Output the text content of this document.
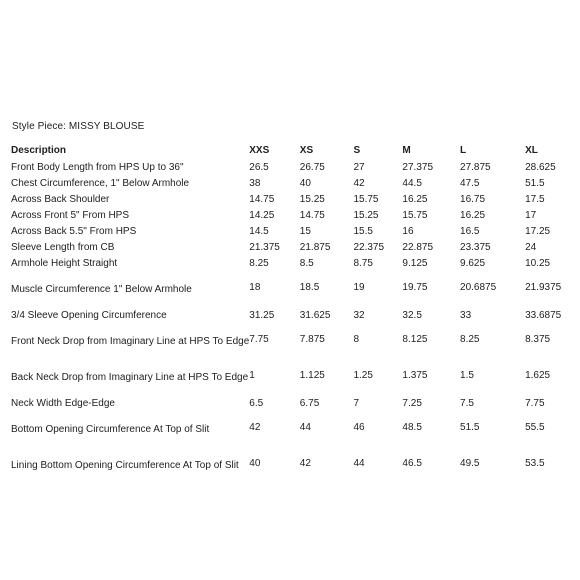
Style Piece: MISSY BLOUSE
Description	XXS	XS	S	M	L	XL
Front Body Length from HPS Up to 36"	26.5	26.75	27	27.375	27.875	28.625
Chest Circumference, 1" Below Armhole	38	40	42	44.5	47.5	51.5
Across Back Shoulder	14.75	15.25	15.75	16.25	16.75	17.5
Across Front 5" From HPS	14.25	14.75	15.25	15.75	16.25	17
Across Back 5.5" From HPS	14.5	15	15.5	16	16.5	17.25
Sleeve Length from CB	21.375	21.875	22.375	22.875	23.375	24
Armhole Height Straight	8.25	8.5	8.75	9.125	9.625	10.25
Muscle Circumference 1" Below Armhole	18	18.5	19	19.75	20.6875	21.9375
3/4 Sleeve Opening Circumference	31.25	31.625	32	32.5	33	33.6875
Front Neck Drop from Imaginary Line at HPS To Edge	7.75	7.875	8	8.125	8.25	8.375
Back Neck Drop from Imaginary Line at HPS To Edge	1	1.125	1.25	1.375	1.5	1.625
Neck Width Edge-Edge	6.5	6.75	7	7.25	7.5	7.75
Bottom Opening Circumference At Top of Slit	42	44	46	48.5	51.5	55.5
Lining Bottom Opening Circumference At Top of Slit	40	42	44	46.5	49.5	53.5
